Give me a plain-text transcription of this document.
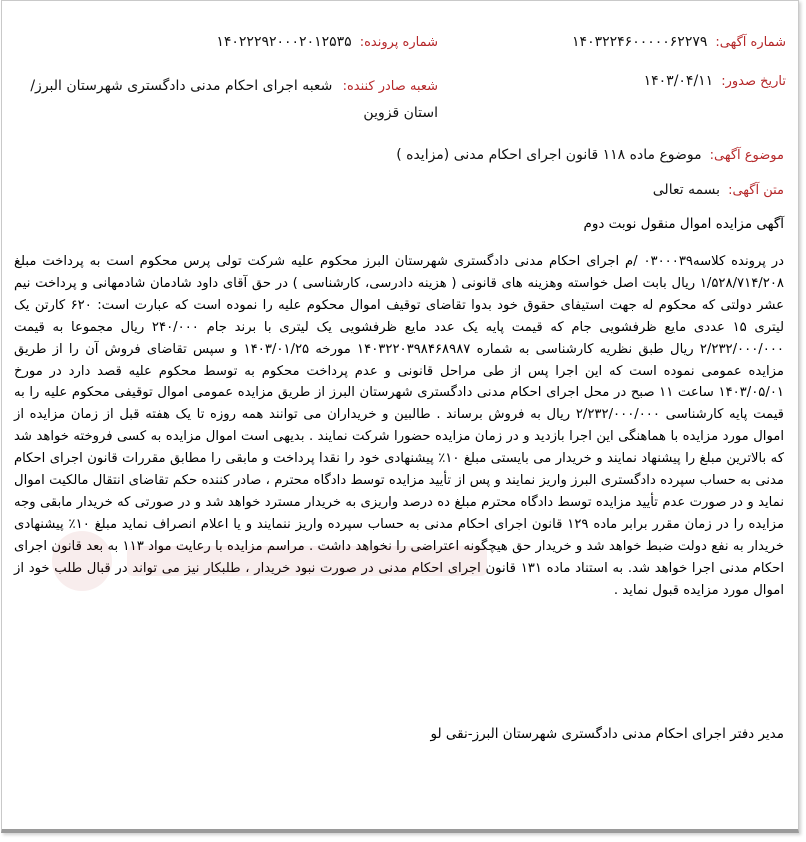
شماره آگهی:
۱۴۰۳۲۲۴۶۰۰۰۰۰۶۲۲۷۹
شماره پرونده:
۱۴۰۲۲۲۹۲۰۰۰۲۰۱۲۵۳۵
تاریخ صدور:
۱۴۰۳/۰۴/۱۱
شعبه صادر کننده: شعبه اجرای احکام مدنی دادگستری شهرستان البرز/استان قزوین
موضوع آگهی:
موضوع ماده ۱۱۸ قانون اجرای احکام مدنی (مزایده )
متن آگهی:
بسمه تعالی
آگهی مزایده اموال منقول نوبت دوم

در پرونده کلاسه۰۳۰۰۰۳۹ /م اجرای احکام مدنی دادگستری شهرستان البرز محکوم علیه شرکت تولی پرس محکوم است به پرداخت مبلغ ۱/۵۲۸/۷۱۴/۲۰۸ ریال بابت اصل خواسته وهزینه های قانونی ( هزینه دادرسی، کارشناسی ) در حق آقای داود شادمان شادمهانی و پرداخت نیم عشر دولتی که محکوم له جهت استیفای حقوق خود بدوا تقاضای توقیف اموال محکوم علیه را نموده است که عبارت است: ۶۲۰ کارتن یک لیتری ۱۵ عددی مایع ظرفشویی جام که قیمت پایه یک عدد مایع ظرفشویی یک لیتری با برند جام ۲۴۰/۰۰۰ ریال مجموعا به قیمت ۲/۲۳۲/۰۰۰/۰۰۰ ریال طبق نظریه کارشناسی به شماره ۱۴۰۳۲۲۰۳۹۸۴۶۸۹۸۷ مورخه ۱۴۰۳/۰۱/۲۵ و سپس تقاضای فروش آن را از طریق مزایده عمومی نموده است که این اجرا پس از طی مراحل قانونی و عدم پرداخت محکوم به توسط محکوم علیه قصد دارد در مورخ ۱۴۰۳/۰۵/۰۱ ساعت ۱۱ صبح در محل اجرای احکام مدنی دادگستری شهرستان البرز از طریق مزایده عمومی اموال توقیفی محکوم علیه را به قیمت پایه کارشناسی ۲/۲۳۲/۰۰۰/۰۰۰ ریال به فروش برساند . طالبین و خریداران می توانند همه روزه تا یک هفته قبل از زمان مزایده از اموال مورد مزایده با هماهنگی این اجرا بازدید و در زمان مزایده حضورا شرکت نمایند . بدیهی است اموال مزایده به کسی فروخته خواهد شد که بالاترین مبلغ را پیشنهاد نمایند و خریدار می بایستی مبلغ ۱۰٪ پیشنهادی خود را نقدا پرداخت و مابقی را مطابق مقررات قانون اجرای احکام مدنی به حساب سپرده دادگستری البرز واریز نمایند و پس از تأیید مزایده توسط دادگاه محترم ، صادر کننده حکم تقاضای انتقال مالکیت اموال نماید و در صورت عدم تأیید مزایده توسط دادگاه محترم مبلغ ده درصد واریزی به خریدار مسترد خواهد شد و در صورتی که خریدار مابقی وجه مزایده را در زمان مقرر برابر ماده ۱۲۹ قانون اجرای احکام مدنی به حساب سپرده واریز ننمایند و یا اعلام انصراف نماید مبلغ ۱۰٪ پیشنهادی خریدار به نفع دولت ضبط خواهد شد و خریدار حق هیچگونه اعتراضی را نخواهد داشت . مراسم مزایده با رعایت مواد ۱۱۳ به بعد قانون اجرای احکام مدنی اجرا خواهد شد. به استناد ماده ۱۳۱ قانون اجرای احکام مدنی در صورت نبود خریدار ، طلبکار نیز می تواند در قبال طلب خود از اموال مورد مزایده قبول نماید .

مدیر دفتر اجرای احکام مدنی دادگستری شهرستان البرز-نقی لو
